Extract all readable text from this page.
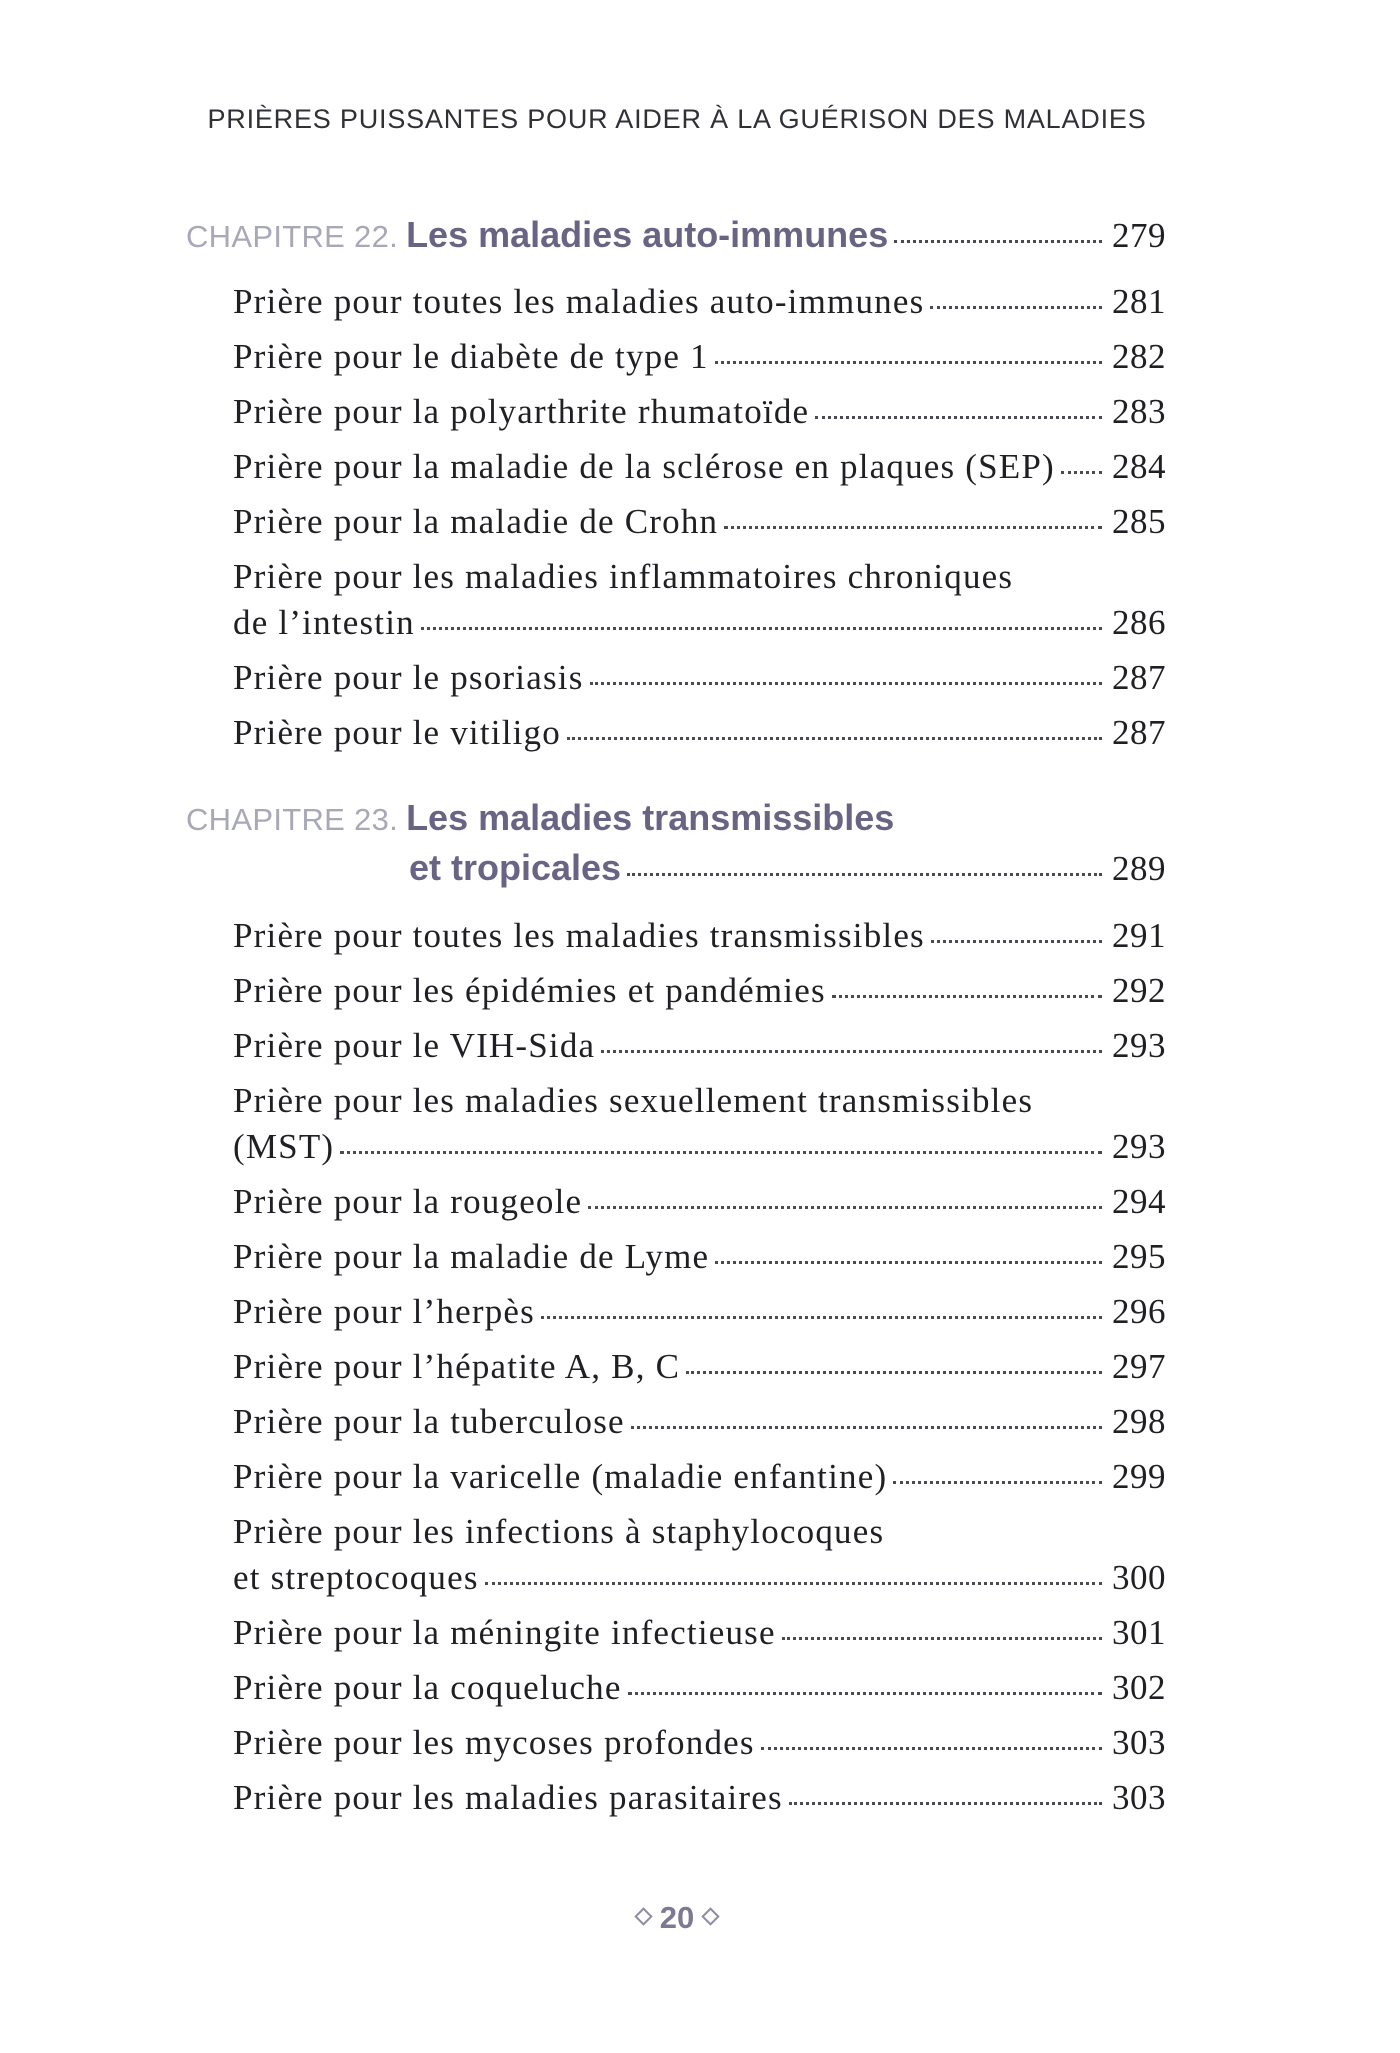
PRIÈRES PUISSANTES POUR AIDER À LA GUÉRISON DES MALADIES
CHAPITRE 22. Les maladies auto-immunes	279
Prière pour toutes les maladies auto-immunes	281
Prière pour le diabète de type 1	282
Prière pour la polyarthrite rhumatoïde	283
Prière pour la maladie de la sclérose en plaques (SEP) 284
Prière pour la maladie de Crohn	285
Prière pour les maladies inflammatoires chroniques
de l’intestin	286
Prière pour le psoriasis	287
Prière pour le vitiligo	287
CHAPITRE 23. Les maladies transmissibles
et tropicales	289
Prière pour toutes les maladies transmissibles	291
Prière pour les épidémies et pandémies	292
Prière pour le VIH-Sida	293
Prière pour les maladies sexuellement transmissibles
(MST)	293
Prière pour la rougeole	294
Prière pour la maladie de Lyme	295
Prière pour l’herpès	296
Prière pour l’hépatite A, B, C	297
Prière pour la tuberculose	298
Prière pour la varicelle (maladie enfantine)	299
Prière pour les infections à staphylocoques
et streptocoques	300
Prière pour la méningite infectieuse	301
Prière pour la coqueluche	302
Prière pour les mycoses profondes	303
Prière pour les maladies parasitaires	303
20
